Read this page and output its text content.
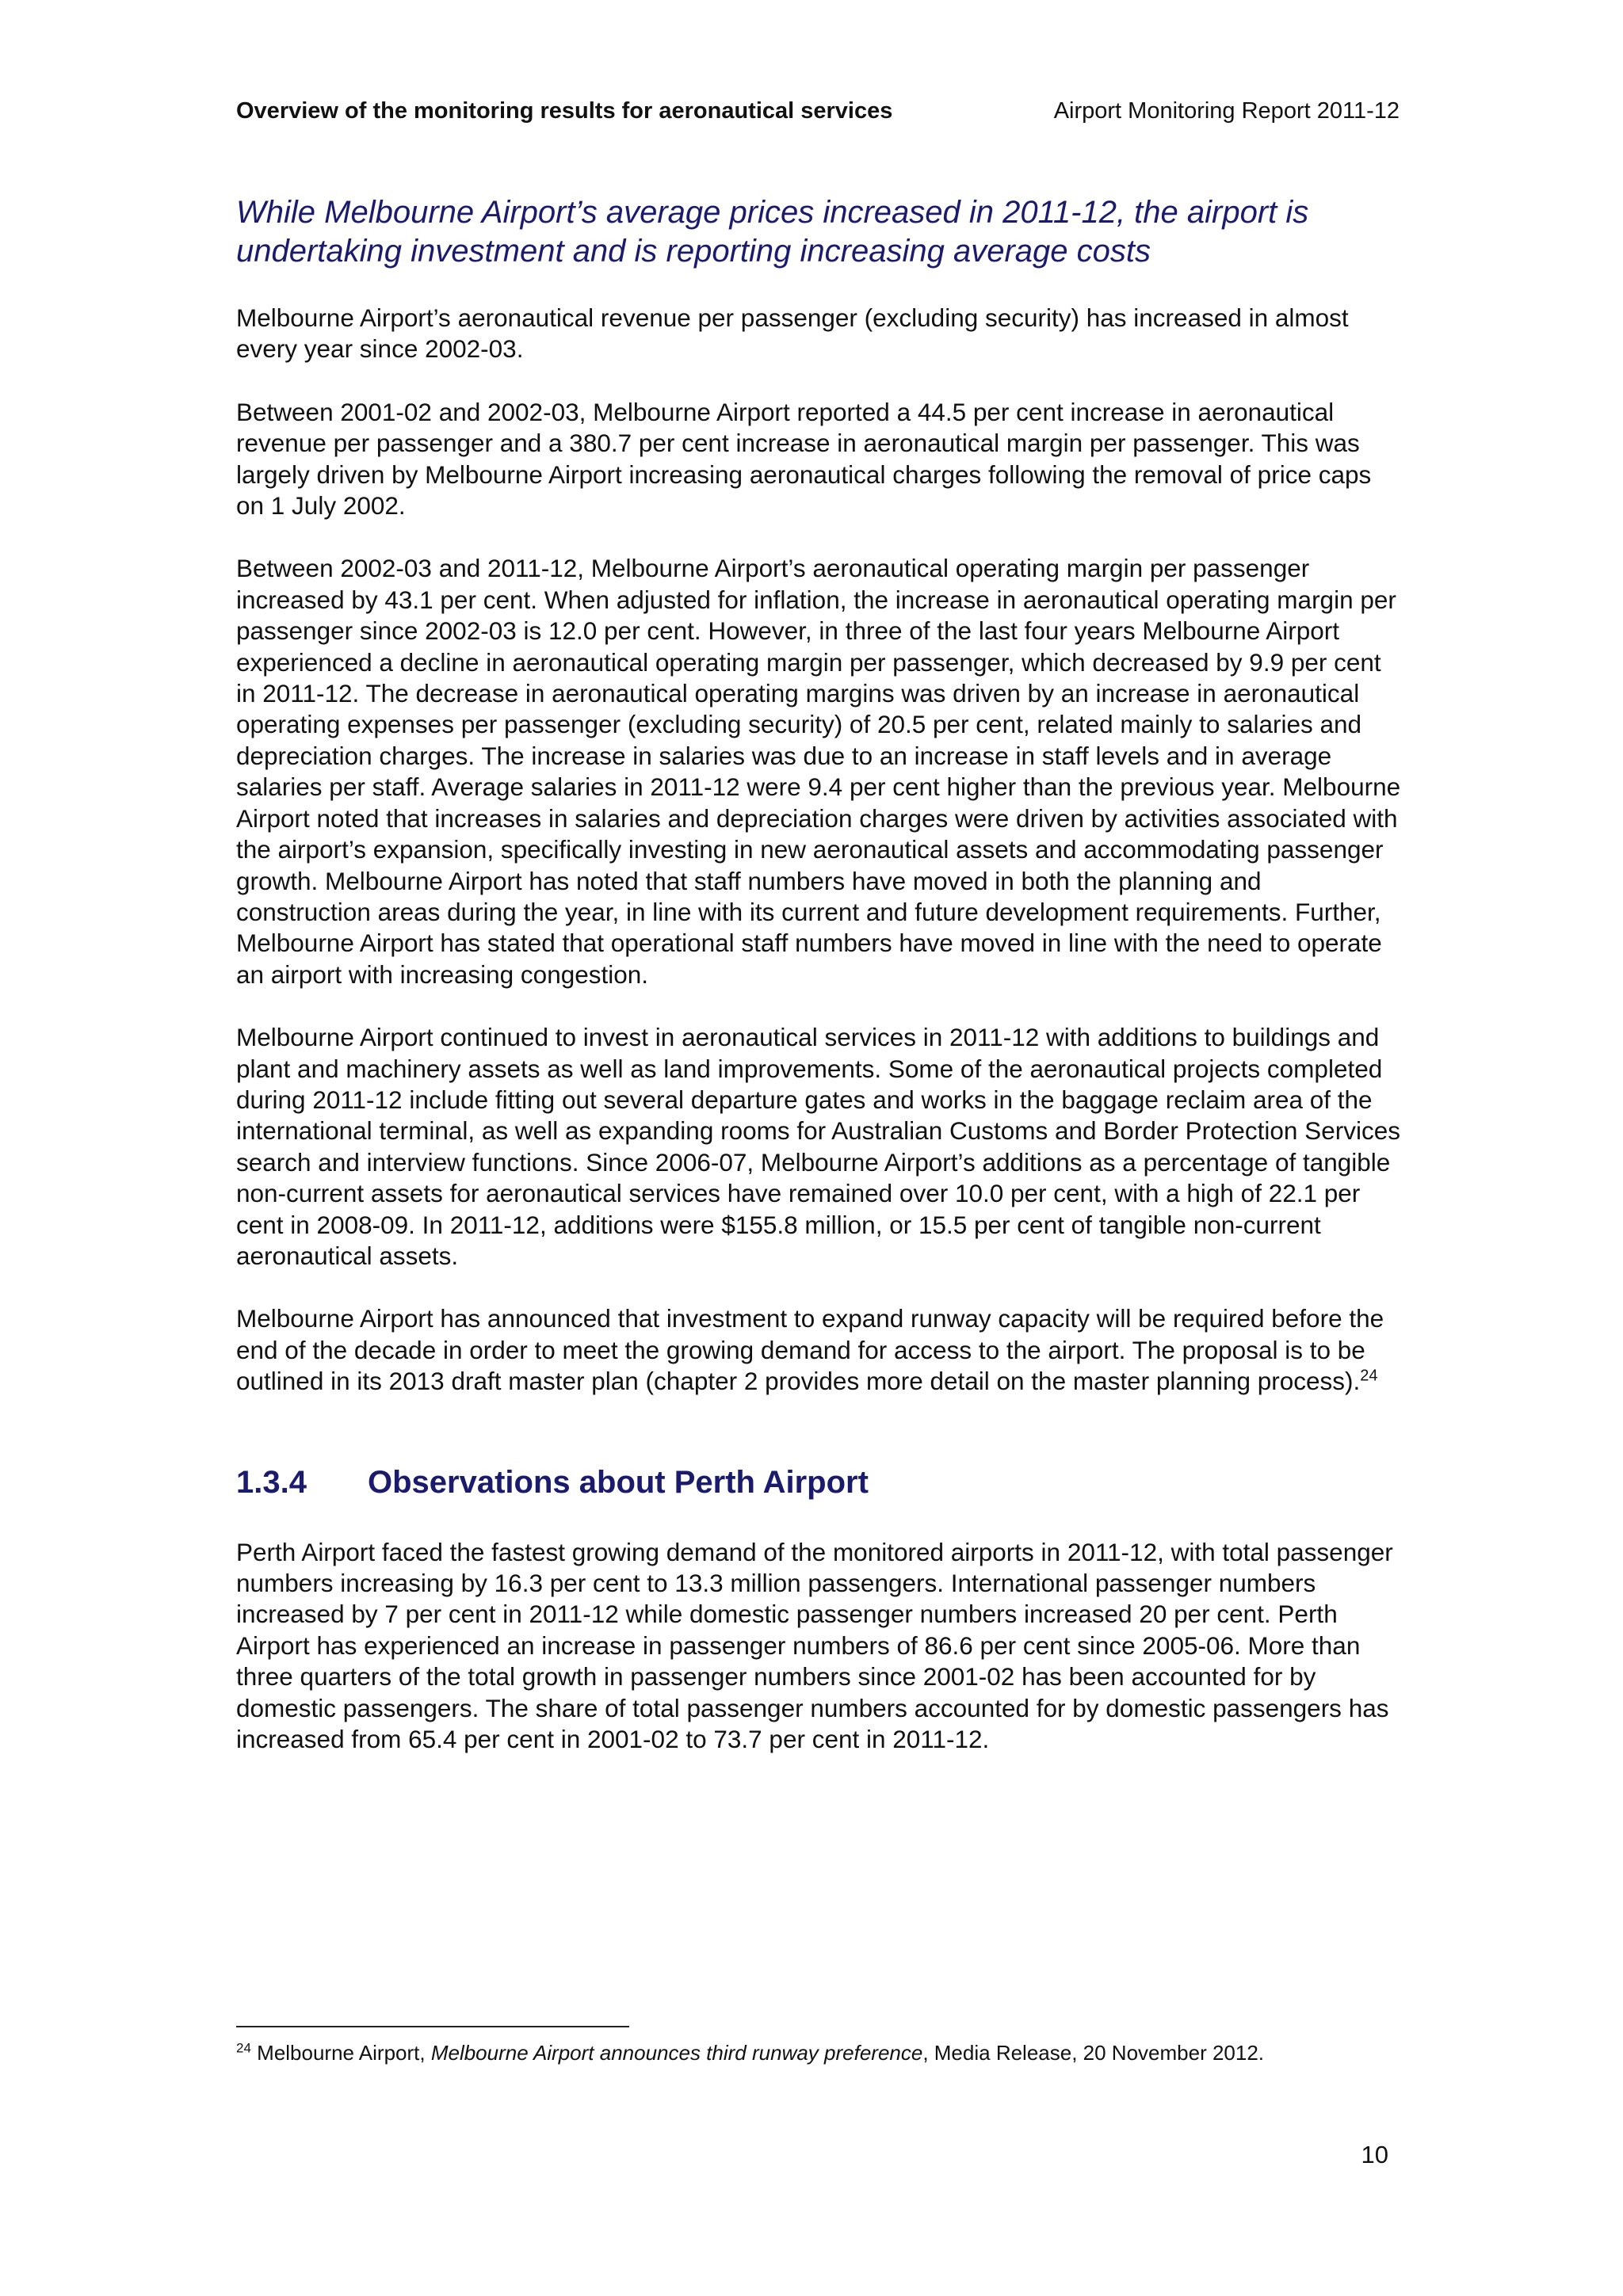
Overview of the monitoring results for aeronautical services	Airport Monitoring Report 2011-12
While Melbourne Airport’s average prices increased in 2011-12, the airport is undertaking investment and is reporting increasing average costs

Melbourne Airport’s aeronautical revenue per passenger (excluding security) has increased in almost every year since 2002-03.

Between 2001-02 and 2002-03, Melbourne Airport reported a 44.5 per cent increase in aeronautical revenue per passenger and a 380.7 per cent increase in aeronautical margin per passenger. This was largely driven by Melbourne Airport increasing aeronautical charges following the removal of price caps on 1 July 2002.

Between 2002-03 and 2011-12, Melbourne Airport’s aeronautical operating margin per passenger increased by 43.1 per cent. When adjusted for inflation, the increase in aeronautical operating margin per passenger since 2002-03 is 12.0 per cent. However, in three of the last four years Melbourne Airport experienced a decline in aeronautical operating margin per passenger, which decreased by 9.9 per cent in 2011-12. The decrease in aeronautical operating margins was driven by an increase in aeronautical operating expenses per passenger (excluding security) of 20.5 per cent, related mainly to salaries and depreciation charges. The increase in salaries was due to an increase in staff levels and in average salaries per staff. Average salaries in 2011-12 were 9.4 per cent higher than the previous year. Melbourne Airport noted that increases in salaries and depreciation charges were driven by activities associated with the airport’s expansion, specifically investing in new aeronautical assets and accommodating passenger growth. Melbourne Airport has noted that staff numbers have moved in both the planning and construction areas during the year, in line with its current and future development requirements. Further, Melbourne Airport has stated that operational staff numbers have moved in line with the need to operate an airport with increasing congestion.

Melbourne Airport continued to invest in aeronautical services in 2011-12 with additions to buildings and plant and machinery assets as well as land improvements. Some of the aeronautical projects completed during 2011-12 include fitting out several departure gates and works in the baggage reclaim area of the international terminal, as well as expanding rooms for Australian Customs and Border Protection Services search and interview functions. Since 2006-07, Melbourne Airport’s additions as a percentage of tangible non-current assets for aeronautical services have remained over 10.0 per cent, with a high of 22.1 per cent in 2008-09. In 2011-12, additions were $155.8 million, or 15.5 per cent of tangible non-current aeronautical assets.

Melbourne Airport has announced that investment to expand runway capacity will be required before the end of the decade in order to meet the growing demand for access to the airport. The proposal is to be outlined in its 2013 draft master plan (chapter 2 provides more detail on the master planning process).$^{24}$

1.3.4	Observations about Perth Airport

Perth Airport faced the fastest growing demand of the monitored airports in 2011-12, with total passenger numbers increasing by 16.3 per cent to 13.3 million passengers. International passenger numbers increased by 7 per cent in 2011-12 while domestic passenger numbers increased 20 per cent. Perth Airport has experienced an increase in passenger numbers of 86.6 per cent since 2005-06. More than three quarters of the total growth in passenger numbers since 2001-02 has been accounted for by domestic passengers. The share of total passenger numbers accounted for by domestic passengers has increased from 65.4 per cent in 2001-02 to 73.7 per cent in 2011-12.

$^{24}$ Melbourne Airport, Melbourne Airport announces third runway preference, Media Release, 20 November 2012.
10
